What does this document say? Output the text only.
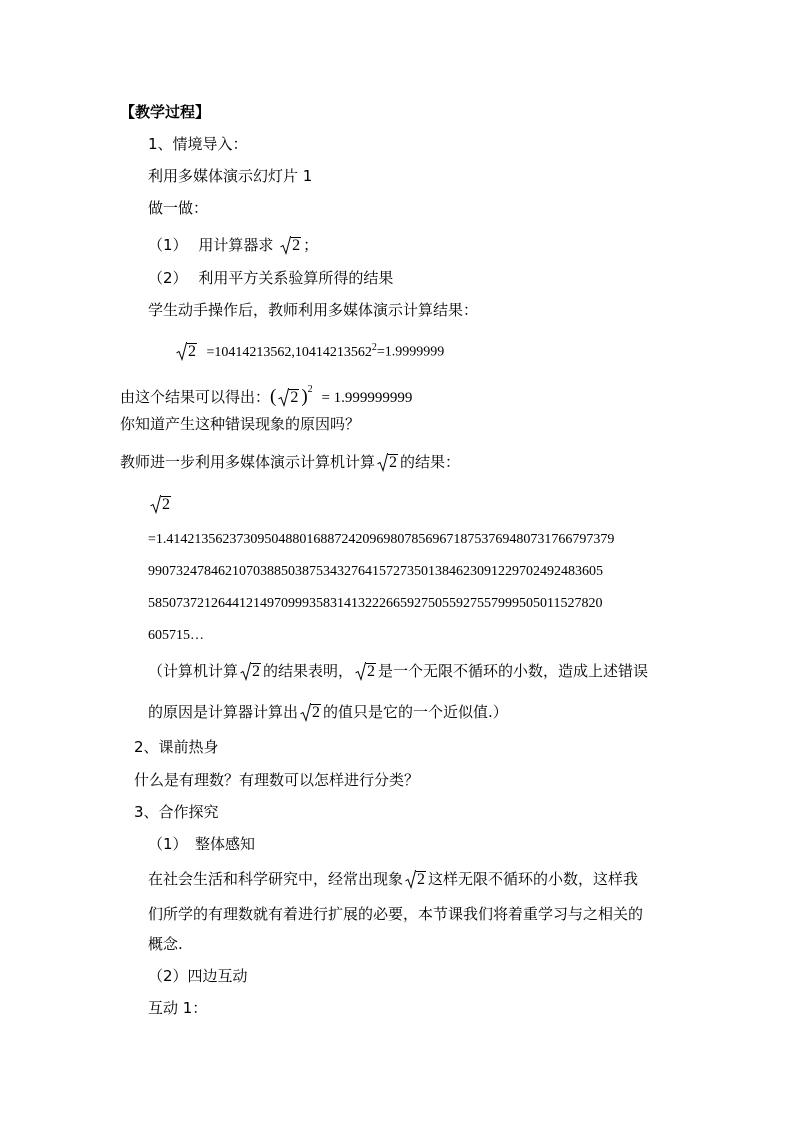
【教学过程】
1、情境导入：
利用多媒体演示幻灯片 1
做一做：
（1） 用计算器求 2 ；
（2） 利用平方关系验算所得的结果
学生动手操作后，教师利用多媒体演示计算结果：
$2 =10414213562,10414213562^2=1.9999999$
由这个结果可以得出：( 2 )$^2$ = 1.999999999
你知道产生这种错误现象的原因吗？
教师进一步利用多媒体演示计算机计算 2 的结果：
2
=1.4142135623730950488016887242096980785696718753769480731766797379
99073247846210703885038753432764157273501384623091229702492483605
58507372126441214970999358314132226659275055927557999505011527820
605715…
（计算机计算 2 的结果表明， 2 是一个无限不循环的小数，造成上述错误
的原因是计算器计算出 2 的值只是它的一个近似值.）
2、课前热身
什么是有理数？有理数可以怎样进行分类？
3、合作探究
（1）　整体感知
在社会生活和科学研究中，经常出现象 2 这样无限不循环的小数，这样我
们所学的有理数就有着进行扩展的必要，本节课我们将着重学习与之相关的
概念.
（2）四边互动
互动 1：
